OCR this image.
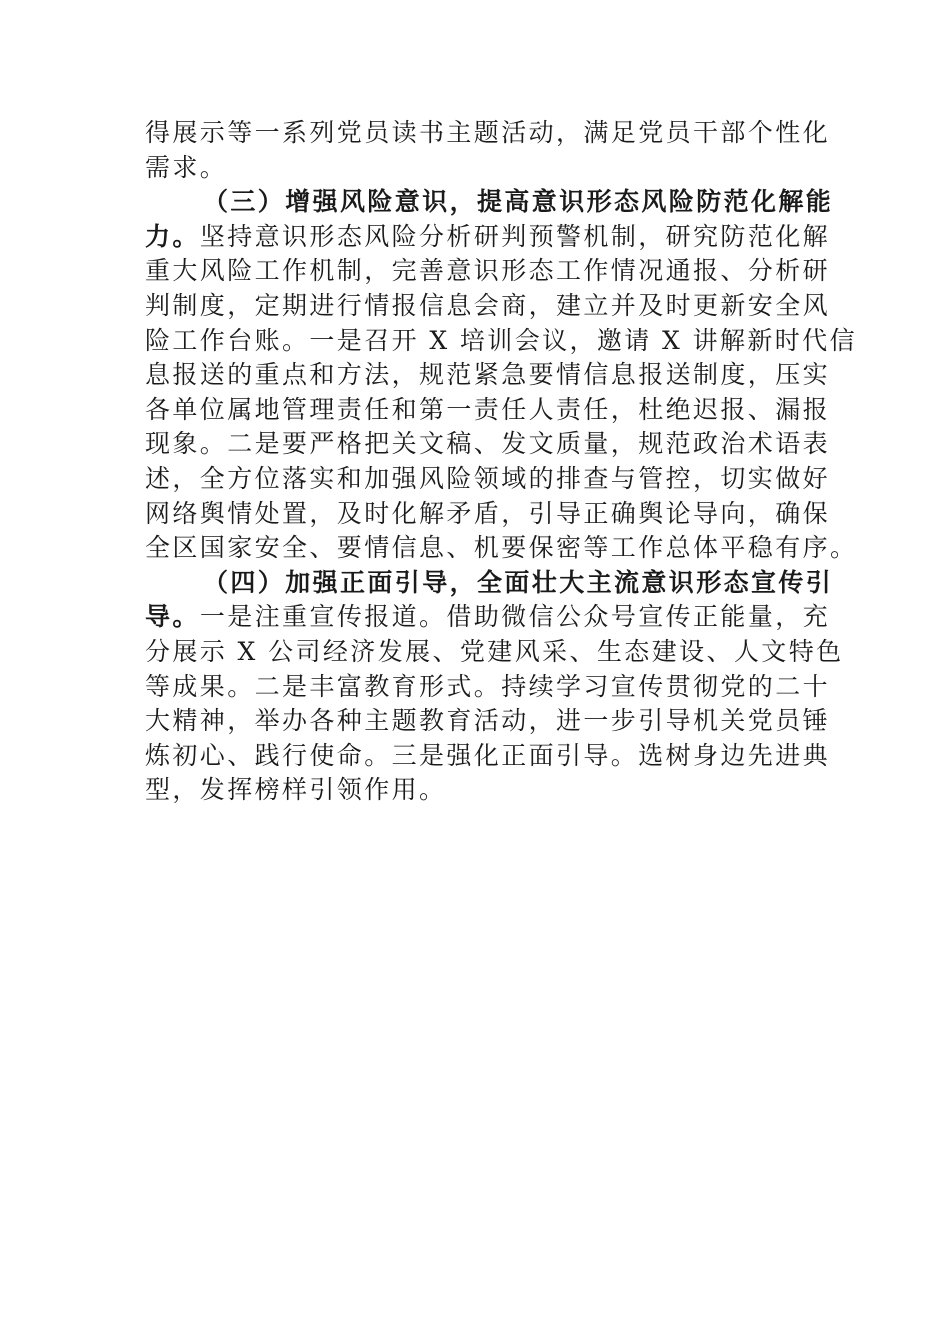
得展示等一系列党员读书主题活动，满足党员干部个性化
需求。
（三）增强风险意识，提高意识形态风险防范化解能
力。坚持意识形态风险分析研判预警机制，研究防范化解
重大风险工作机制，完善意识形态工作情况通报、分析研
判制度，定期进行情报信息会商，建立并及时更新安全风
险工作台账。一是召开 X 培训会议，邀请 X 讲解新时代信
息报送的重点和方法，规范紧急要情信息报送制度，压实
各单位属地管理责任和第一责任人责任，杜绝迟报、漏报
现象。二是要严格把关文稿、发文质量，规范政治术语表
述，全方位落实和加强风险领域的排查与管控，切实做好
网络舆情处置，及时化解矛盾，引导正确舆论导向，确保
全区国家安全、要情信息、机要保密等工作总体平稳有序。
（四）加强正面引导，全面壮大主流意识形态宣传引
导。一是注重宣传报道。借助微信公众号宣传正能量，充
分展示 X 公司经济发展、党建风采、生态建设、人文特色
等成果。二是丰富教育形式。持续学习宣传贯彻党的二十
大精神，举办各种主题教育活动，进一步引导机关党员锤
炼初心、践行使命。三是强化正面引导。选树身边先进典
型，发挥榜样引领作用。
